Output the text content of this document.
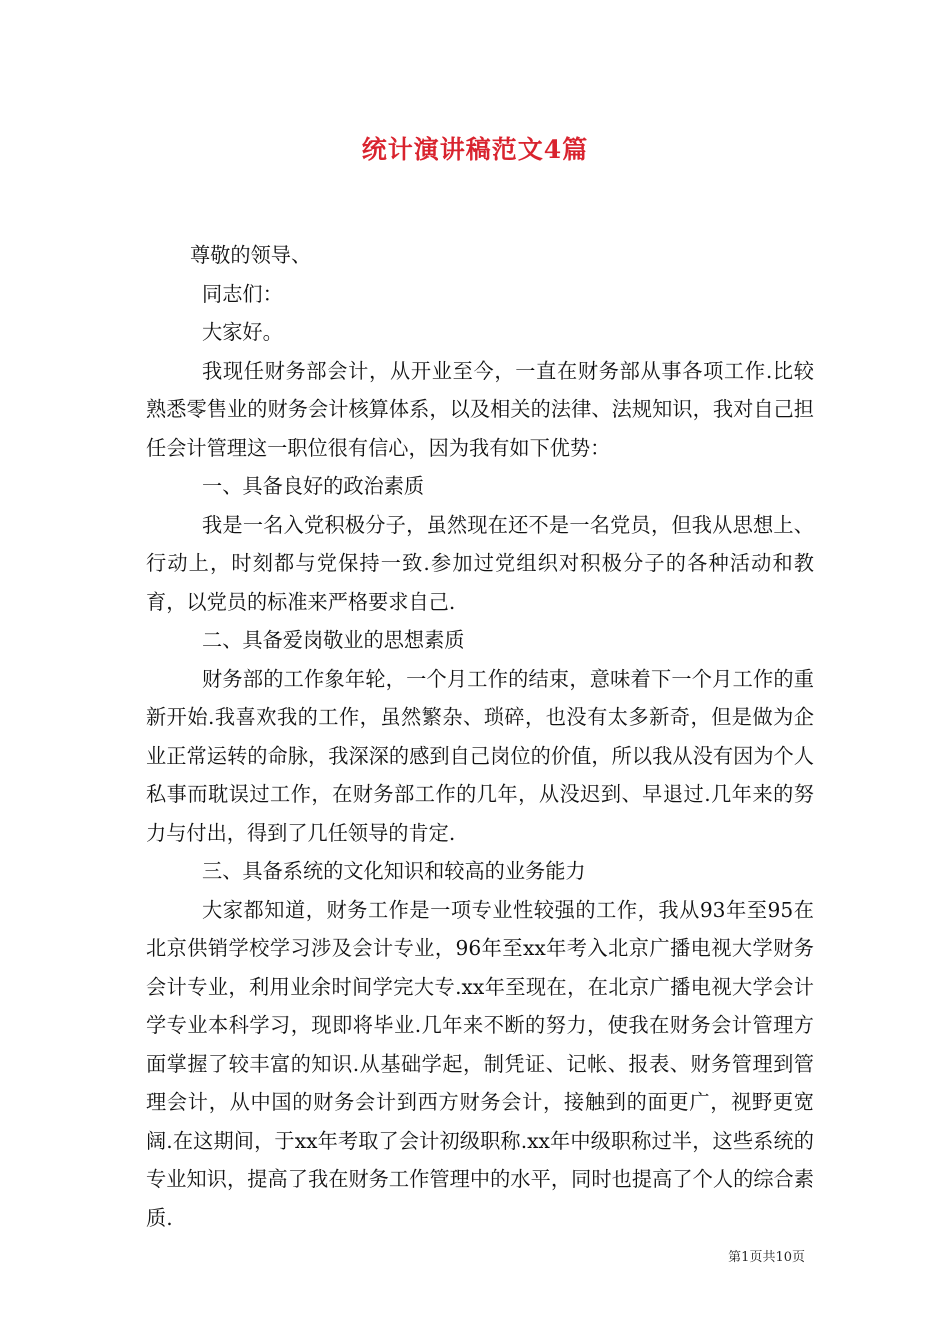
统计演讲稿范文4篇

尊敬的领导、

同志们：

大家好。

我现任财务部会计，从开业至今，一直在财务部从事各项工作.比较熟悉零售业的财务会计核算体系，以及相关的法律、法规知识，我对自己担任会计管理这一职位很有信心，因为我有如下优势：

一、具备良好的政治素质

我是一名入党积极分子，虽然现在还不是一名党员，但我从思想上、行动上，时刻都与党保持一致.参加过党组织对积极分子的各种活动和教育，以党员的标准来严格要求自己.

二、具备爱岗敬业的思想素质

财务部的工作象年轮，一个月工作的结束，意味着下一个月工作的重新开始.我喜欢我的工作，虽然繁杂、琐碎，也没有太多新奇，但是做为企业正常运转的命脉，我深深的感到自己岗位的价值，所以我从没有因为个人私事而耽误过工作，在财务部工作的几年，从没迟到、早退过.几年来的努力与付出，得到了几任领导的肯定.

三、具备系统的文化知识和较高的业务能力

大家都知道，财务工作是一项专业性较强的工作，我从93年至95在北京供销学校学习涉及会计专业，96年至xx年考入北京广播电视大学财务会计专业，利用业余时间学完大专.xx年至现在，在北京广播电视大学会计学专业本科学习，现即将毕业.几年来不断的努力，使我在财务会计管理方面掌握了较丰富的知识.从基础学起，制凭证、记帐、报表、财务管理到管理会计，从中国的财务会计到西方财务会计，接触到的面更广，视野更宽阔.在这期间，于xx年考取了会计初级职称.xx年中级职称过半，这些系统的专业知识，提高了我在财务工作管理中的水平，同时也提高了个人的综合素质.

第1页共10页
